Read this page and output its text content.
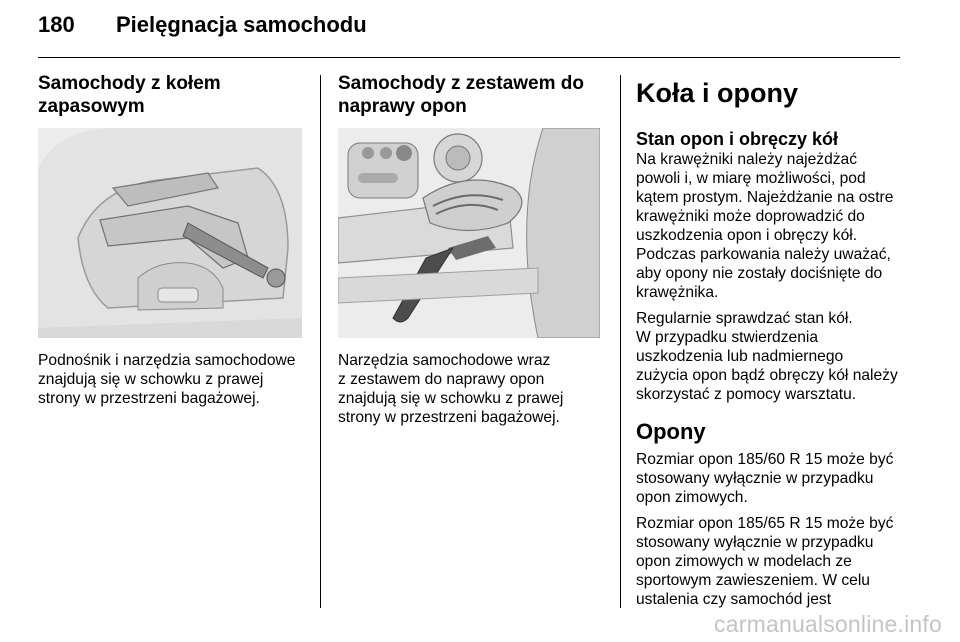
180 Pielęgnacja samochodu
Samochody z kołem
zapasowym
Podnośnik i narzędzia samochodowe
znajdują się w schowku z prawej
strony w przestrzeni bagażowej.
Samochody z zestawem do
naprawy opon
Narzędzia samochodowe wraz
z zestawem do naprawy opon
znajdują się w schowku z prawej
strony w przestrzeni bagażowej.
Koła i opony
Stan opon i obręczy kół

Na krawężniki należy najeżdżać
powoli i, w miarę możliwości, pod
kątem prostym. Najeżdżanie na ostre
krawężniki może doprowadzić do
uszkodzenia opon i obręczy kół.
Podczas parkowania należy uważać,
aby opony nie zostały dociśnięte do
krawężnika.

Regularnie sprawdzać stan kół.
W przypadku stwierdzenia
uszkodzenia lub nadmiernego
zużycia opon bądź obręczy kół należy
skorzystać z pomocy warsztatu.

Opony

Rozmiar opon 185/60 R 15 może być
stosowany wyłącznie w przypadku
opon zimowych.

Rozmiar opon 185/65 R 15 może być
stosowany wyłącznie w przypadku
opon zimowych w modelach ze
sportowym zawieszeniem. W celu
ustalenia czy samochód jest

carmanualsonline.info
